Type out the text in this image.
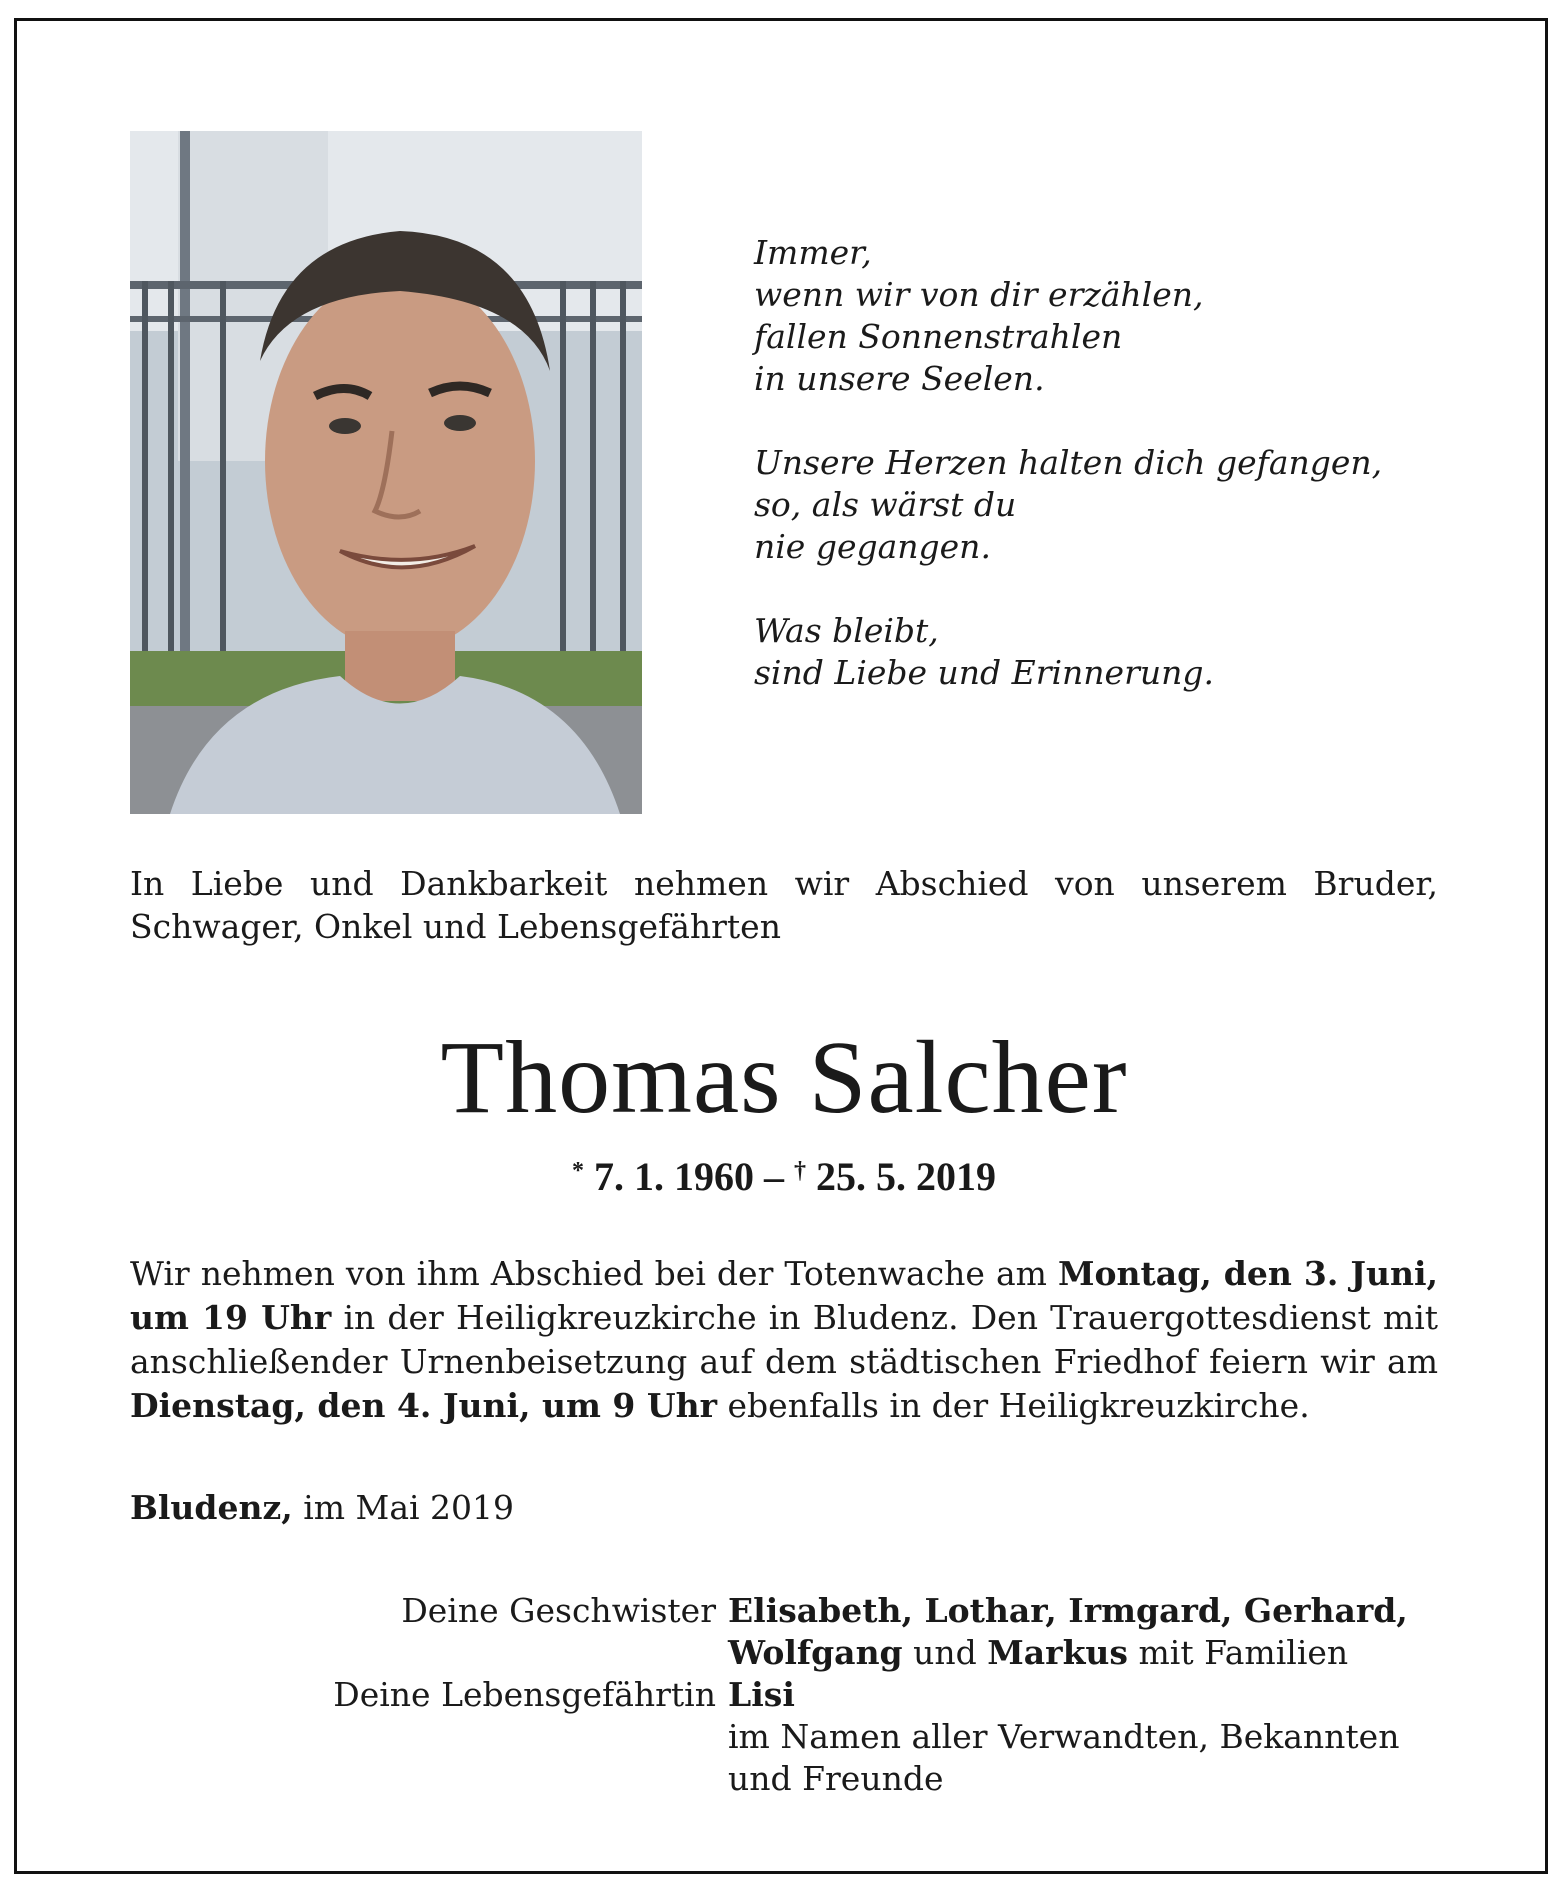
Immer,
wenn wir von dir erzählen,
fallen Sonnenstrahlen
in unsere Seelen.
Unsere Herzen halten dich gefangen,
so, als wärst du
nie gegangen.
Was bleibt,
sind Liebe und Erinnerung.
In Liebe und Dankbarkeit nehmen wir Abschied von unserem Bruder, Schwager, Onkel und Lebensgefährten
Thomas Salcher
* 7. 1. 1960 – † 25. 5. 2019
Wir nehmen von ihm Abschied bei der Totenwache am Montag, den 3. Juni, um 19 Uhr in der Heiligkreuzkirche in Bludenz. Den Trauergottesdienst mit anschließender Urnenbeisetzung auf dem städtischen Friedhof feiern wir am Dienstag, den 4. Juni, um 9 Uhr ebenfalls in der Heiligkreuzkirche.
Bludenz, im Mai 2019
Deine Geschwister Elisabeth, Lothar, Irmgard, Gerhard,
Wolfgang und Markus mit Familien
Deine Lebensgefährtin Lisi
im Namen aller Verwandten, Bekannten
und Freunde
